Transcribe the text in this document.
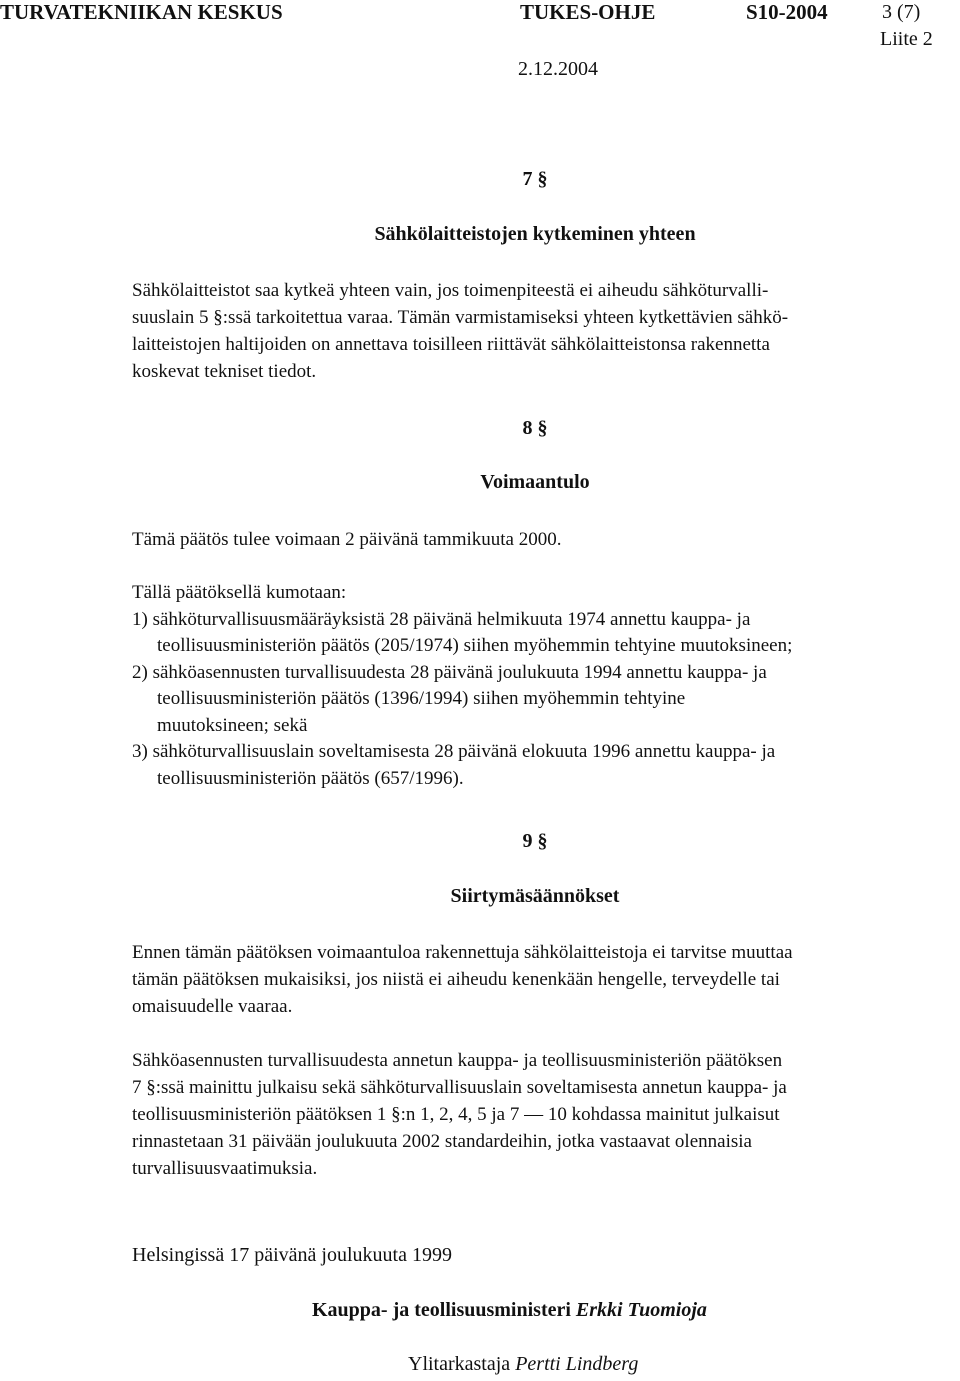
TURVATEKNIIKAN KESKUS	TUKES-OHJE	S10-2004	3 (7)
Liite 2
2.12.2004
7 §
Sähkölaitteistojen kytkeminen yhteen
Sähkölaitteistot saa kytkeä yhteen vain, jos toimenpiteestä ei aiheudu sähköturvalli-
suuslain 5 §:ssä tarkoitettua varaa. Tämän varmistamiseksi yhteen kytkettävien sähkö-
laitteistojen haltijoiden on annettava toisilleen riittävät sähkölaitteistonsa rakennetta
koskevat tekniset tiedot.
8 §
Voimaantulo
Tämä päätös tulee voimaan 2 päivänä tammikuuta 2000.
Tällä päätöksellä kumotaan:
1) sähköturvallisuusmääräyksistä 28 päivänä helmikuuta 1974 annettu kauppa- ja
teollisuusministeriön päätös (205/1974) siihen myöhemmin tehtyine muutoksineen;
2) sähköasennusten turvallisuudesta 28 päivänä joulukuuta 1994 annettu kauppa- ja
teollisuusministeriön päätös (1396/1994) siihen myöhemmin tehtyine
muutoksineen; sekä
3) sähköturvallisuuslain soveltamisesta 28 päivänä elokuuta 1996 annettu kauppa- ja
teollisuusministeriön päätös (657/1996).
9 §
Siirtymäsäännökset
Ennen tämän päätöksen voimaantuloa rakennettuja sähkölaitteistoja ei tarvitse muuttaa
tämän päätöksen mukaisiksi, jos niistä ei aiheudu kenenkään hengelle, terveydelle tai
omaisuudelle vaaraa.
Sähköasennusten turvallisuudesta annetun kauppa- ja teollisuusministeriön päätöksen
7 §:ssä mainittu julkaisu sekä sähköturvallisuuslain soveltamisesta annetun kauppa- ja
teollisuusministeriön päätöksen 1 §:n 1, 2, 4, 5 ja 7 — 10 kohdassa mainitut julkaisut
rinnastetaan 31 päivään joulukuuta 2002 standardeihin, jotka vastaavat olennaisia
turvallisuusvaatimuksia.
Helsingissä 17 päivänä joulukuuta 1999
Kauppa- ja teollisuusministeri Erkki Tuomioja
Ylitarkastaja Pertti Lindberg
